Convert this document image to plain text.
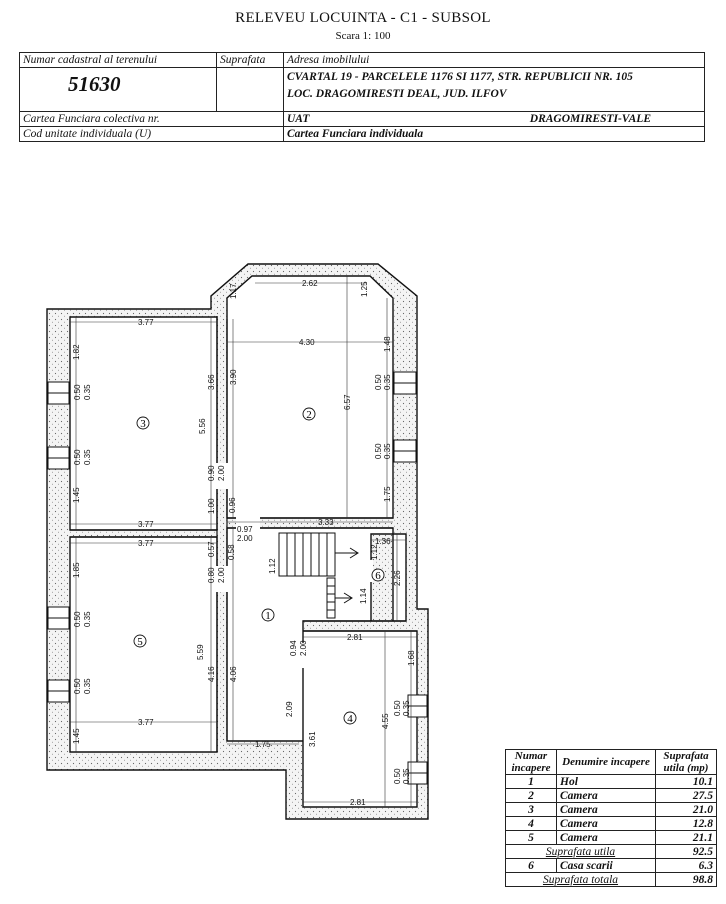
RELEVEU LOCUINTA - C1 - SUBSOL
Scara 1: 100
Numar cadastral al terenului	Suprafata	Adresa imobilului
51630		CVARTAL 19 - PARCELELE 1176 SI 1177, STR. REPUBLICII NR. 105
LOC. DRAGOMIRESTI DEAL, JUD. ILFOV

Cartea Funciara colectiva nr.		UAT DRAGOMIRESTI-VALE

Cod unitate individuala (U)		Cartea Funciara individuala
3
2
5
1
6
4
3.77
2.62
4.30
1.17	1.25
1.82
3.66 3.90
6.57
1.48
5.56
0.50 0.35
0.50 0.35
0.50 0.35
0.50 0.35
1.45
1.00
0.90 2.00
0.96
1.75
3.77	3.33
0.97
2.00
3.77	0.57 0.58
1.36
1.12
1.12
1.85	0.80 2.00	2.26
1.14
5.59
4.16 4.06
0.94 2.00
2.81
1.68
0.50 0.35
0.50 0.35
2.09
3.61
4.55
1.45
3.77
1.75
0.50 0.35
0.50 0.35
2.81
Numar incapere	Denumire incapere	Suprafata utila (mp)
1	Hol	10.1
2	Camera	27.5
3	Camera	21.0
4	Camera	12.8
5	Camera	21.1
Suprafata utila		92.5
6	Casa scarii	6.3
Suprafata totala		98.8
